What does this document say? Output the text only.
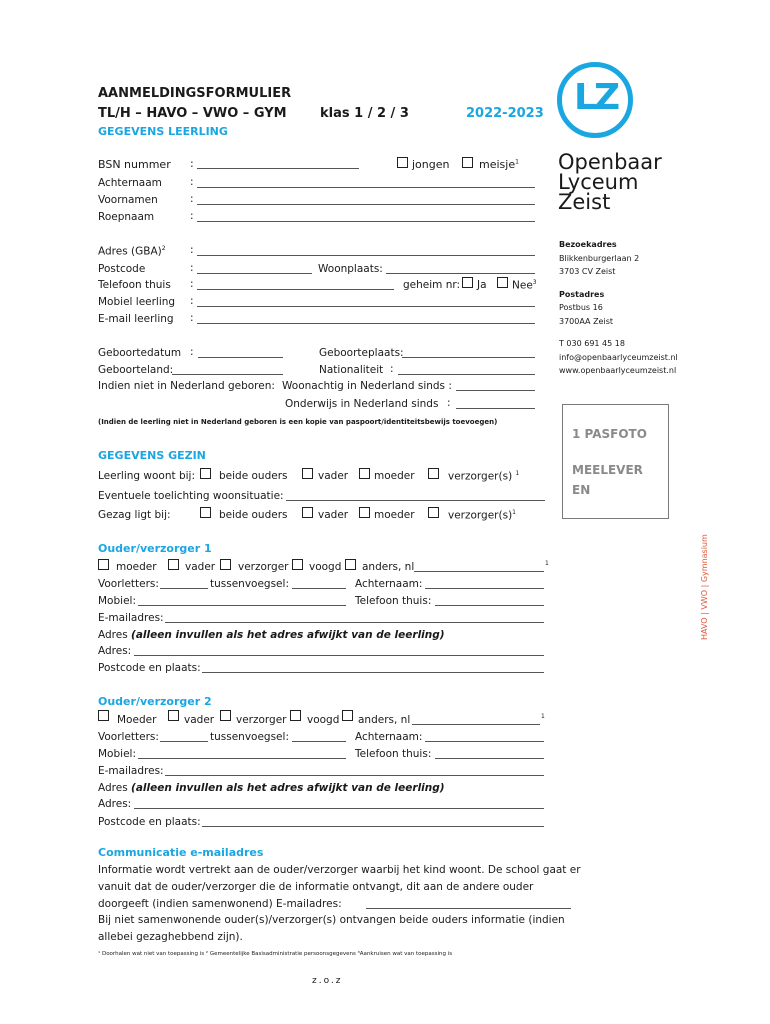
AANMELDINGSFORMULIER
TL/H – HAVO – VWO – GYM	klas 1 / 2 / 3	2022-2023
GEGEVENS LEERLING
LZ
Openbaar
Lyceum
Zeist
Bezoekadres
Blikkenburgerlaan 2
3703 CV Zeist
Postadres
Postbus 16
3700AA Zeist
T 030 691 45 18
info@openbaarlyceumzeist.nl
www.openbaarlyceumzeist.nl
1 PASFOTO
MEELEVER
EN
HAVO | VWO | Gymnasium
BSN nummer :	jongen	meisje$^1$
Achternaam	:
Voornamen	:
Roepnaam	:
Adres (GBA)$^2$ :
Postcode	:	Woonplaats:
Telefoon thuis :	geheim nr: Ja Nee$^3$
Mobiel leerling :
E-mail leerling :
Geboortedatum :	Geboorteplaats:
Geboorteland:	Nationaliteit :
Indien niet in Nederland geboren: Woonachtig in Nederland sinds :
Onderwijs in Nederland sinds :
(Indien de leerling niet in Nederland geboren is een kopie van paspoort/identiteitsbewijs toevoegen)
GEGEVENS GEZIN
Leerling woont bij: beide ouders	vader moeder	verzorger(s) $^1$
Eventuele toelichting woonsituatie:
Gezag ligt bij:	beide ouders	vader moeder	$verzorger(s)^1$
Ouder/verzorger 1
moeder	vader verzorger voogd anders, nl	1
Voorletters:	tussenvoegsel:	Achternaam:
Mobiel:	Telefoon thuis:
E-mailadres:
Adres (alleen invullen als het adres afwijkt van de leerling)
Adres:
Postcode en plaats:
Ouder/verzorger 2
Moeder	vader verzorger voogd anders, nl	1
Voorletters:	tussenvoegsel:	Achternaam:
Mobiel:	Telefoon thuis:
E-mailadres:
Adres (alleen invullen als het adres afwijkt van de leerling)
Adres:
Postcode en plaats:
Communicatie e-mailadres
Informatie wordt vertrekt aan de ouder/verzorger waarbij het kind woont. De school gaat er
vanuit dat de ouder/verzorger die de informatie ontvangt, dit aan de andere ouder
doorgeeft (indien samenwonend) E-mailadres:
Bij niet samenwonende ouder(s)/verzorger(s) ontvangen beide ouders informatie (indien
allebei gezaghebbend zijn).
¹ Doorhalen wat niet van toepassing is ² Gemeentelijke Basisadministratie persoonsgegevens ³Aankruisen wat van toepassing is
z.o.z
